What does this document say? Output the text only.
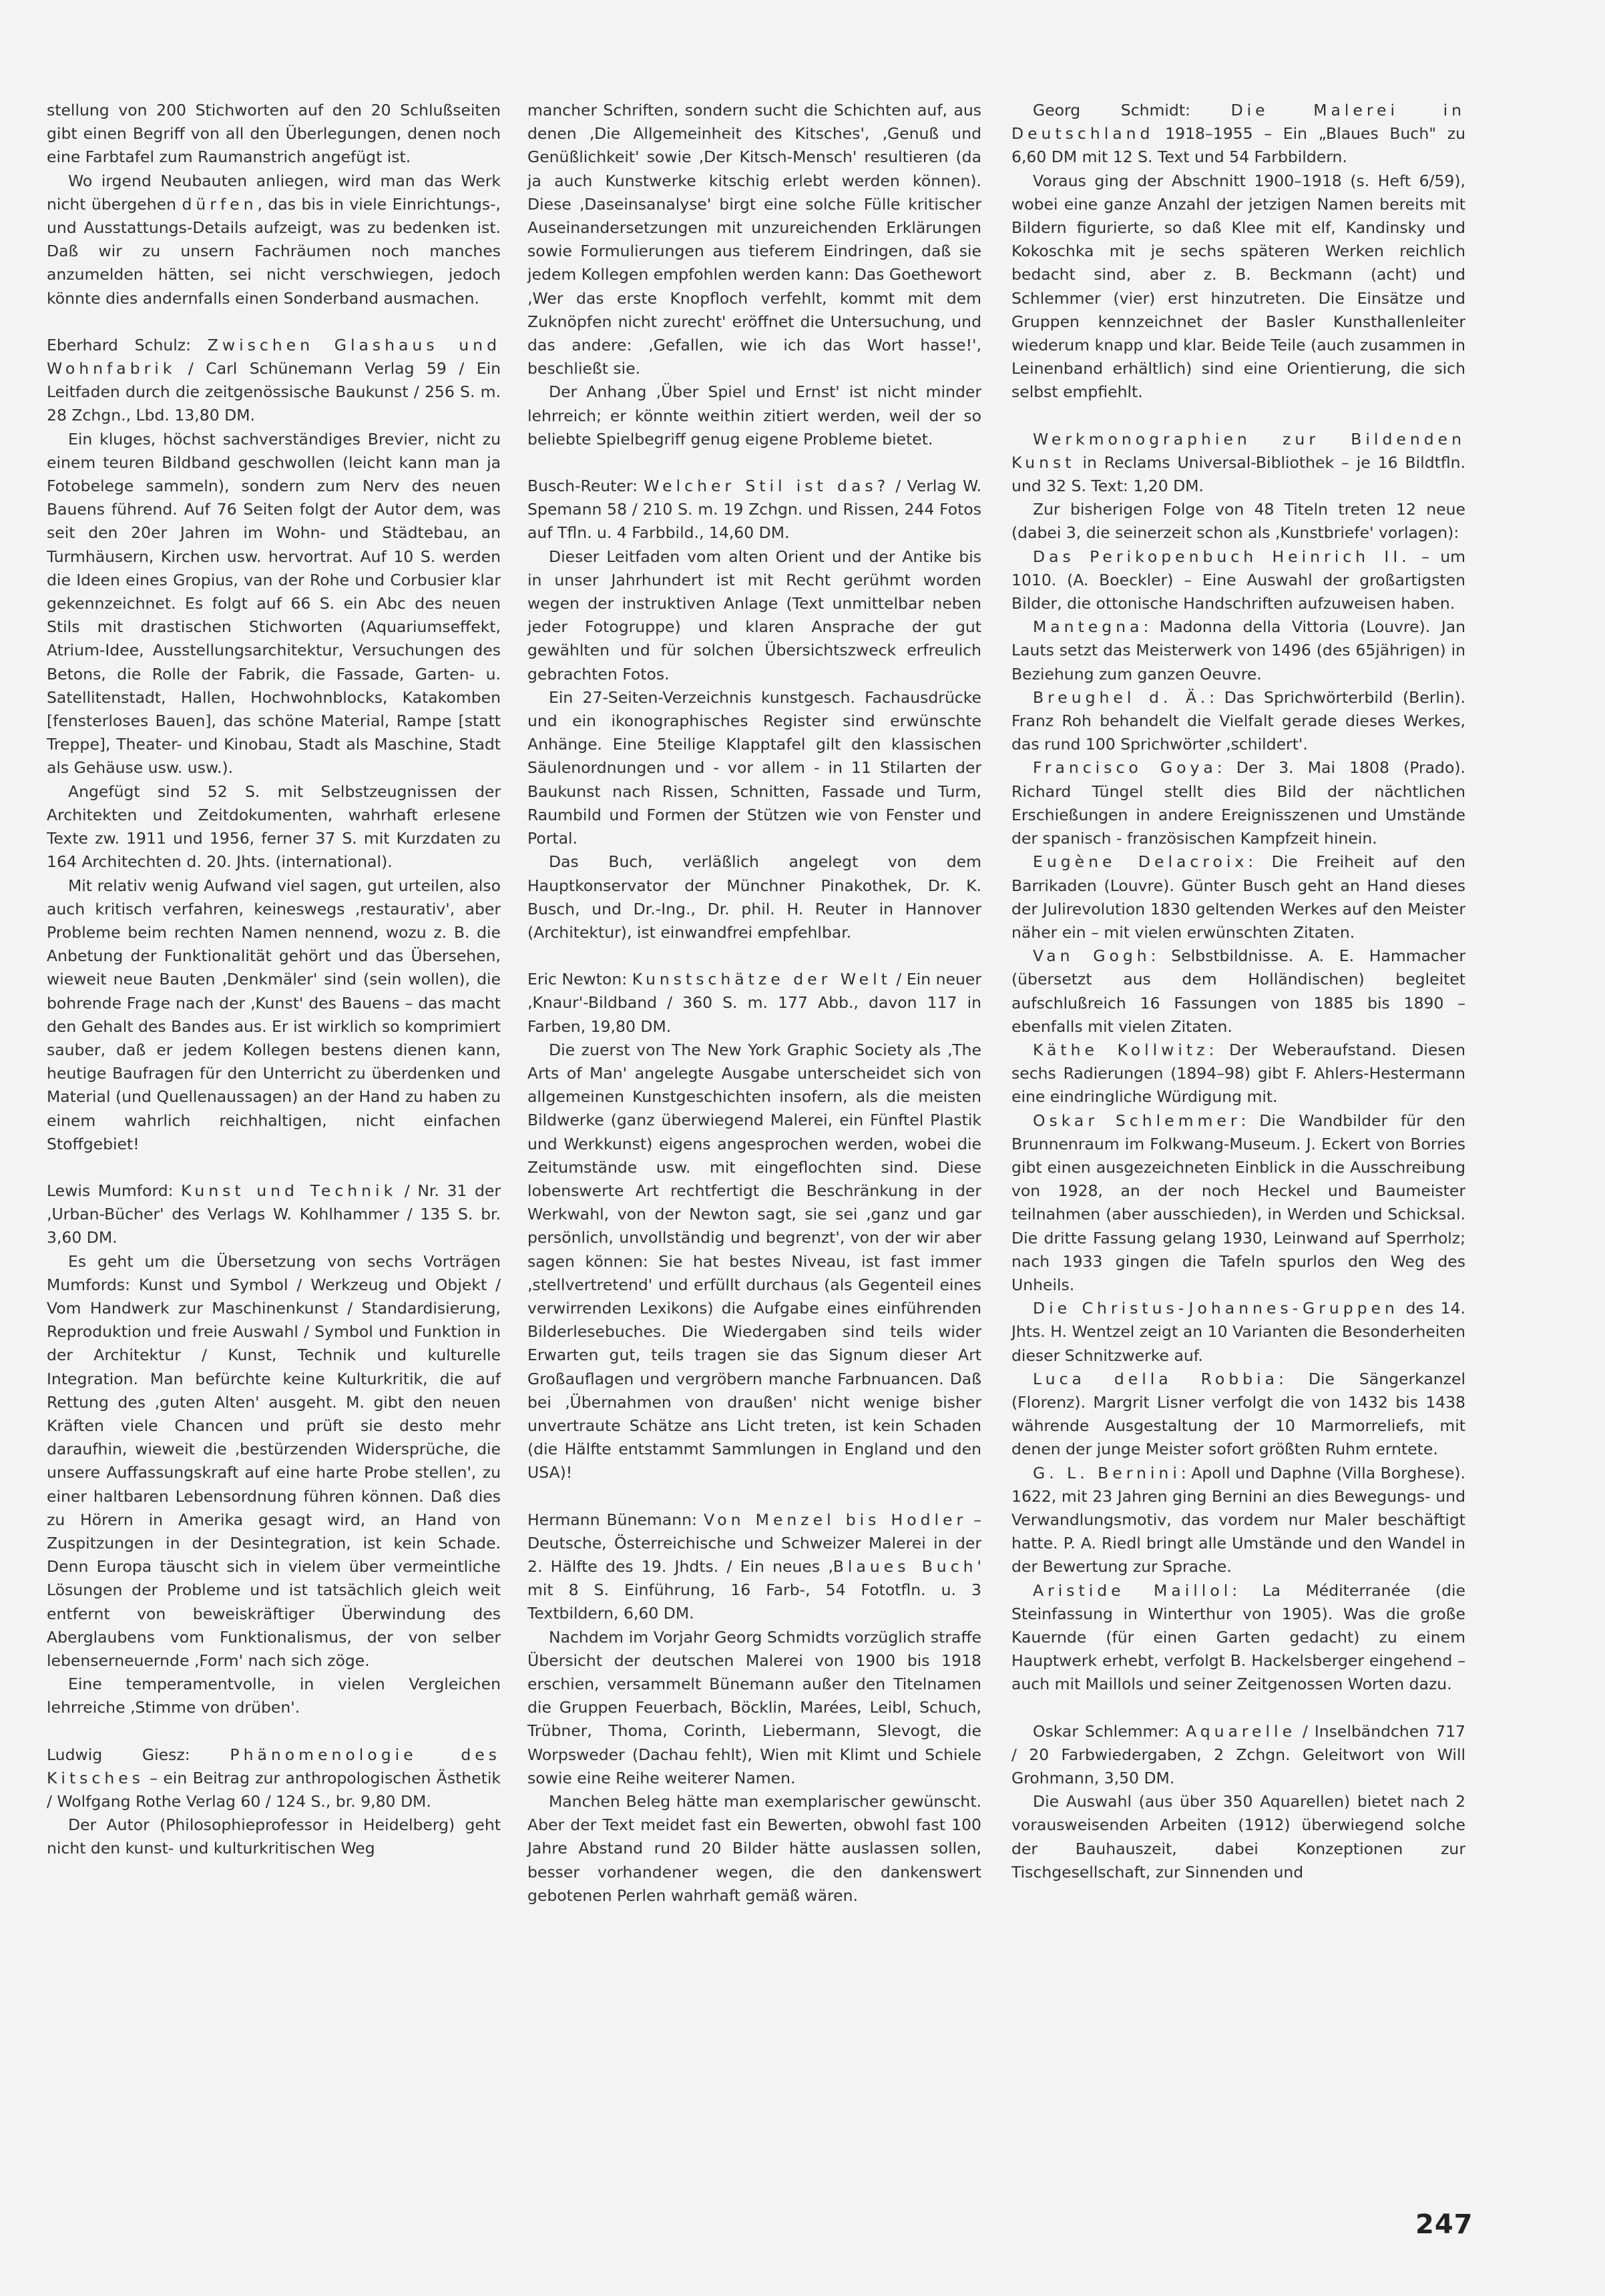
stellung von 200 Stichworten auf den 20 Schlußseiten gibt einen Begriff von all den Überlegungen, denen noch eine Farbtafel zum Raumanstrich angefügt ist.

Wo irgend Neubauten anliegen, wird man das Werk nicht übergehen dürfen, das bis in viele Einrichtungs-, und Ausstattungs-Details aufzeigt, was zu bedenken ist. Daß wir zu unsern Fachräumen noch manches anzumelden hätten, sei nicht verschwiegen, jedoch könnte dies andernfalls einen Sonderband ausmachen.

Eberhard Schulz: Zwischen Glashaus und Wohnfabrik / Carl Schünemann Verlag 59 / Ein Leitfaden durch die zeitgenössische Baukunst / 256 S. m. 28 Zchgn., Lbd. 13,80 DM.

Ein kluges, höchst sachverständiges Brevier, nicht zu einem teuren Bildband geschwollen (leicht kann man ja Fotobelege sammeln), sondern zum Nerv des neuen Bauens führend. Auf 76 Seiten folgt der Autor dem, was seit den 20er Jahren im Wohn- und Städtebau, an Turmhäusern, Kirchen usw. hervortrat. Auf 10 S. werden die Ideen eines Gropius, van der Rohe und Corbusier klar gekennzeichnet. Es folgt auf 66 S. ein Abc des neuen Stils mit drastischen Stichworten (Aquariumseffekt, Atrium-Idee, Ausstellungsarchitektur, Versuchungen des Betons, die Rolle der Fabrik, die Fassade, Garten- u. Satellitenstadt, Hallen, Hochwohnblocks, Katakomben [fensterloses Bauen], das schöne Material, Rampe [statt Treppe], Theater- und Kinobau, Stadt als Maschine, Stadt als Gehäuse usw. usw.).

Angefügt sind 52 S. mit Selbstzeugnissen der Architekten und Zeitdokumenten, wahrhaft erlesene Texte zw. 1911 und 1956, ferner 37 S. mit Kurzdaten zu 164 Architechten d. 20. Jhts. (international).

Mit relativ wenig Aufwand viel sagen, gut urteilen, also auch kritisch verfahren, keineswegs ‚restaurativ', aber Probleme beim rechten Namen nennend, wozu z. B. die Anbetung der Funktionalität gehört und das Übersehen, wieweit neue Bauten ‚Denkmäler' sind (sein wollen), die bohrende Frage nach der ‚Kunst' des Bauens – das macht den Gehalt des Bandes aus. Er ist wirklich so komprimiert sauber, daß er jedem Kollegen bestens dienen kann, heutige Baufragen für den Unterricht zu überdenken und Material (und Quellenaussagen) an der Hand zu haben zu einem wahrlich reichhaltigen, nicht einfachen Stoffgebiet!

Lewis Mumford: Kunst und Technik / Nr. 31 der ‚Urban-Bücher' des Verlags W. Kohlhammer / 135 S. br. 3,60 DM.

Es geht um die Übersetzung von sechs Vorträgen Mumfords: Kunst und Symbol / Werkzeug und Objekt / Vom Handwerk zur Maschinenkunst / Standardisierung, Reproduktion und freie Auswahl / Symbol und Funktion in der Architektur / Kunst, Technik und kulturelle Integration. Man befürchte keine Kulturkritik, die auf Rettung des ‚guten Alten' ausgeht. M. gibt den neuen Kräften viele Chancen und prüft sie desto mehr daraufhin, wieweit die ‚bestürzenden Widersprüche, die unsere Auffassungskraft auf eine harte Probe stellen', zu einer haltbaren Lebensordnung führen können. Daß dies zu Hörern in Amerika gesagt wird, an Hand von Zuspitzungen in der Desintegration, ist kein Schade. Denn Europa täuscht sich in vielem über vermeintliche Lösungen der Probleme und ist tatsächlich gleich weit entfernt von beweiskräftiger Überwindung des Aberglaubens vom Funktionalismus, der von selber lebenserneuernde ‚Form' nach sich zöge.

Eine temperamentvolle, in vielen Vergleichen lehrreiche ‚Stimme von drüben'.

Ludwig Giesz:	Phänomenologie des Kitsches – ein Beitrag zur anthropologischen Ästhetik / Wolfgang Rothe Verlag 60 / 124 S., br. 9,80 DM.

Der Autor (Philosophieprofessor in Heidelberg) geht nicht den kunst- und kulturkritischen Weg

mancher Schriften, sondern sucht die Schichten auf, aus denen ‚Die Allgemeinheit des Kitsches', ‚Genuß und Genüßlichkeit' sowie ‚Der Kitsch-Mensch' resultieren (da ja auch Kunstwerke kitschig erlebt werden können). Diese ‚Daseinsanalyse' birgt eine solche Fülle kritischer Auseinandersetzungen mit unzureichenden Erklärungen sowie Formulierungen aus tieferem Eindringen, daß sie jedem Kollegen empfohlen werden kann: Das Goethewort ‚Wer das erste Knopfloch verfehlt, kommt mit dem Zuknöpfen nicht zurecht' eröffnet die Untersuchung, und das andere: ‚Gefallen, wie ich das Wort hasse!', beschließt sie.

Der Anhang ‚Über Spiel und Ernst' ist nicht minder lehrreich; er könnte weithin zitiert werden, weil der so beliebte Spielbegriff genug eigene Probleme bietet.

Busch-Reuter: Welcher Stil ist das? / Verlag W. Spemann 58 / 210 S. m. 19 Zchgn. und Rissen, 244 Fotos auf Tfln. u. 4 Farbbild., 14,60 DM.

Dieser Leitfaden vom alten Orient und der Antike bis in unser Jahrhundert ist mit Recht gerühmt worden wegen der instruktiven Anlage (Text unmittelbar neben jeder Fotogruppe) und klaren Ansprache der gut gewählten und für solchen Übersichtszweck erfreulich gebrachten Fotos.

Ein 27-Seiten-Verzeichnis kunstgesch. Fachausdrücke und ein ikonographisches Register sind erwünschte Anhänge. Eine 5teilige Klapptafel gilt den klassischen Säulenordnungen und - vor allem - in 11 Stilarten der Baukunst nach Rissen, Schnitten, Fassade und Turm, Raumbild und Formen der Stützen wie von Fenster und Portal.

Das Buch, verläßlich angelegt von dem Hauptkonservator der Münchner Pinakothek, Dr. K. Busch, und Dr.-Ing., Dr. phil. H. Reuter in Hannover (Architektur), ist einwandfrei empfehlbar.

Eric Newton: Kunstschätze der Welt / Ein neuer ‚Knaur'-Bildband / 360 S. m. 177 Abb., davon 117 in Farben, 19,80 DM.

Die zuerst von The New York Graphic Society als ‚The Arts of Man' angelegte Ausgabe unterscheidet sich von allgemeinen Kunstgeschichten insofern, als die meisten Bildwerke (ganz überwiegend Malerei, ein Fünftel Plastik und Werkkunst) eigens angesprochen werden, wobei die Zeitumstände usw. mit eingeflochten sind. Diese lobenswerte Art rechtfertigt die Beschränkung in der Werkwahl, von der Newton sagt, sie sei ‚ganz und gar persönlich, unvollständig und begrenzt', von der wir aber sagen können: Sie hat bestes Niveau, ist fast immer ‚stellvertretend' und erfüllt durchaus (als Gegenteil eines verwirrenden Lexikons) die Aufgabe eines einführenden Bilderlesebuches. Die Wiedergaben sind teils wider Erwarten gut, teils tragen sie das Signum dieser Art Großauflagen und vergröbern manche Farbnuancen. Daß bei ‚Übernahmen von draußen' nicht wenige bisher unvertraute Schätze ans Licht treten, ist kein Schaden (die Hälfte entstammt Sammlungen in England und den USA)!

Hermann Bünemann: Von Menzel bis Hodler – Deutsche, Österreichische und Schweizer Malerei in der 2. Hälfte des 19. Jhdts. / Ein neues ‚Blaues Buch' mit 8 S. Einführung, 16 Farb-, 54 Fototfln. u. 3 Textbildern, 6,60 DM.

Nachdem im Vorjahr Georg Schmidts vorzüglich straffe Übersicht der deutschen Malerei von 1900 bis 1918 erschien, versammelt Bünemann außer den Titelnamen die Gruppen Feuerbach, Böcklin, Marées, Leibl, Schuch, Trübner, Thoma, Corinth, Liebermann, Slevogt, die Worpsweder (Dachau fehlt), Wien mit Klimt und Schiele sowie eine Reihe weiterer Namen.

Manchen Beleg hätte man exemplarischer gewünscht. Aber der Text meidet fast ein Bewerten, obwohl fast 100 Jahre Abstand rund 20 Bilder hätte auslassen sollen, besser vorhandener wegen, die den dankenswert gebotenen Perlen wahrhaft gemäß wären.

Georg Schmidt:	Die Malerei in Deutschland 1918–1955 – Ein „Blaues Buch" zu 6,60 DM mit 12 S. Text und 54 Farbbildern.

Voraus ging der Abschnitt 1900–1918 (s. Heft 6/59), wobei eine ganze Anzahl der jetzigen Namen bereits mit Bildern figurierte, so daß Klee mit elf, Kandinsky und Kokoschka mit je sechs späteren Werken reichlich bedacht sind, aber z. B. Beckmann (acht) und Schlemmer (vier) erst hinzutreten. Die Einsätze und Gruppen kennzeichnet der Basler Kunsthallenleiter wiederum knapp und klar. Beide Teile (auch zusammen in Leinenband erhältlich) sind eine Orientierung, die sich selbst empfiehlt.

Werkmonographien zur Bildenden Kunst in Reclams Universal-Bibliothek – je 16 Bildtfln. und 32 S. Text: 1,20 DM.

Zur bisherigen Folge von 48 Titeln treten 12 neue (dabei 3, die seinerzeit schon als ‚Kunstbriefe' vorlagen):

Das Perikopenbuch Heinrich II. – um 1010. (A. Boeckler) – Eine Auswahl der großartigsten Bilder, die ottonische Handschriften aufzuweisen haben.

Mantegna: Madonna della Vittoria (Louvre). Jan Lauts setzt das Meisterwerk von 1496 (des 65jährigen) in Beziehung zum ganzen Oeuvre.

Breughel d. Ä.: Das Sprichwörterbild (Berlin). Franz Roh behandelt die Vielfalt gerade dieses Werkes, das rund 100 Sprichwörter ‚schildert'.

Francisco Goya: Der 3. Mai 1808 (Prado). Richard Tüngel stellt dies Bild der nächtlichen Erschießungen in andere Ereignisszenen und Umstände der spanisch - französischen Kampfzeit hinein.

Eugène Delacroix: Die Freiheit auf den Barrikaden (Louvre). Günter Busch geht an Hand dieses der Julirevolution 1830 geltenden Werkes auf den Meister näher ein – mit vielen erwünschten Zitaten.

Van Gogh: Selbstbildnisse. A. E. Hammacher (übersetzt aus dem Holländischen) begleitet aufschlußreich 16 Fassungen von 1885 bis 1890 – ebenfalls mit vielen Zitaten.

Käthe Kollwitz: Der Weberaufstand. Diesen sechs Radierungen (1894–98) gibt F. Ahlers-Hestermann eine eindringliche Würdigung mit.

Oskar Schlemmer: Die Wandbilder für den Brunnenraum im Folkwang-Museum. J. Eckert von Borries gibt einen ausgezeichneten Einblick in die Ausschreibung von 1928, an der noch Heckel und Baumeister teilnahmen (aber ausschieden), in Werden und Schicksal. Die dritte Fassung gelang 1930, Leinwand auf Sperrholz; nach 1933 gingen die Tafeln spurlos den Weg des Unheils.

Die Christus-Johannes-Gruppen des 14. Jhts. H. Wentzel zeigt an 10 Varianten die Besonderheiten dieser Schnitzwerke auf.

Luca della Robbia: Die Sängerkanzel (Florenz). Margrit Lisner verfolgt die von 1432 bis 1438 währende Ausgestaltung der 10 Marmorreliefs, mit denen der junge Meister sofort größten Ruhm erntete.

G. L. Bernini: Apoll und Daphne (Villa Borghese). 1622, mit 23 Jahren ging Bernini an dies Bewegungs- und Verwandlungsmotiv, das vordem nur Maler beschäftigt hatte. P. A. Riedl bringt alle Umstände und den Wandel in der Bewertung zur Sprache.

Aristide Maillol: La Méditerranée (die Steinfassung in Winterthur von 1905). Was die große Kauernde (für einen Garten gedacht) zu einem Hauptwerk erhebt, verfolgt B. Hackelsberger eingehend – auch mit Maillols und seiner Zeitgenossen Worten dazu.

Oskar Schlemmer: Aquarelle / Inselbändchen 717 / 20 Farbwiedergaben, 2 Zchgn. Geleitwort von Will Grohmann, 3,50 DM.

Die Auswahl (aus über 350 Aquarellen) bietet nach 2 vorausweisenden Arbeiten (1912) überwiegend solche der Bauhauszeit, dabei Konzeptionen zur Tischgesellschaft, zur Sinnenden und

247
